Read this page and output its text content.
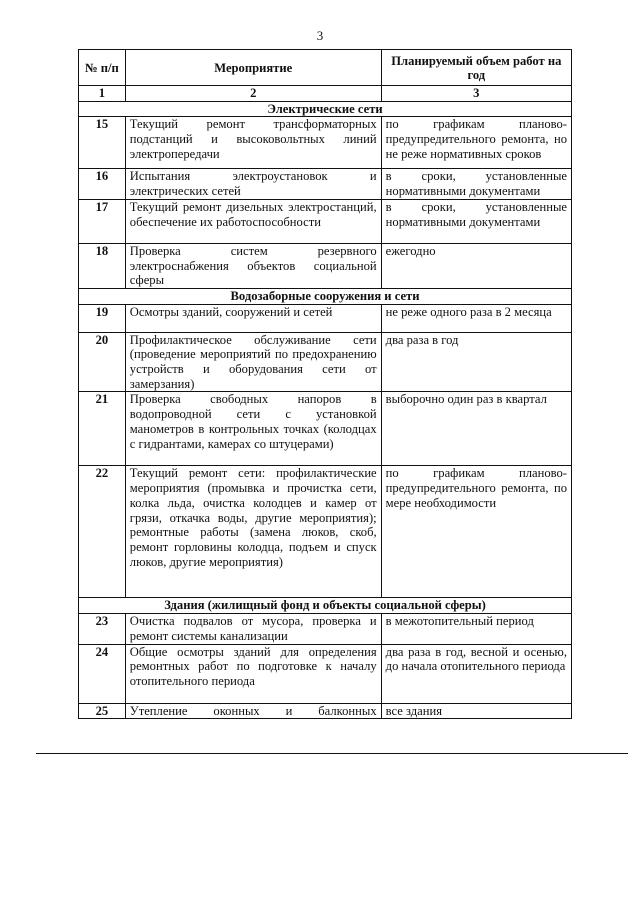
3
№ п/п	Мероприятие	Планируемый объем работ на год
1	2	3
Электрические сети		
15	Текущий ремонт трансформаторных подстанций и высоковольтных линий электропередачи	по графикам планово-предупредительного ремонта, но не реже нормативных сроков
16	Испытания электроустановок и электрических сетей	в сроки, установленные нормативными документами
17	Текущий ремонт дизельных электростанций, обеспечение их работоспособности	в сроки, установленные нормативными документами
18	Проверка систем резервного электроснабжения объектов социальной сферы	ежегодно
Водозаборные сооружения и сети		
19	Осмотры зданий, сооружений и сетей	не реже одного раза в 2 месяца
20	Профилактическое обслуживание сети (проведение мероприятий по предохранению устройств и оборудования сети от замерзания)	два раза в год
21	Проверка свободных напоров в водопроводной сети с установкой манометров в контрольных точках (колодцах с гидрантами, камерах со штуцерами)	выборочно один раз в квартал
22	Текущий ремонт сети: профилактические мероприятия (промывка и прочистка сети, колка льда, очистка колодцев и камер от грязи, откачка воды, другие мероприятия); ремонтные работы (замена люков, скоб, ремонт горловины колодца, подъем и спуск люков, другие мероприятия)	по графикам планово-предупредительного ремонта, по мере необходимости
Здания (жилищный фонд и объекты социальной сферы)		
23	Очистка подвалов от мусора, проверка и ремонт системы канализации	в межотопительный период
24	Общие осмотры зданий для определения ремонтных работ по подготовке к началу отопительного периода	два раза в год, весной и осенью, до начала отопительного периода
25	Утепление оконных и балконных	все здания
